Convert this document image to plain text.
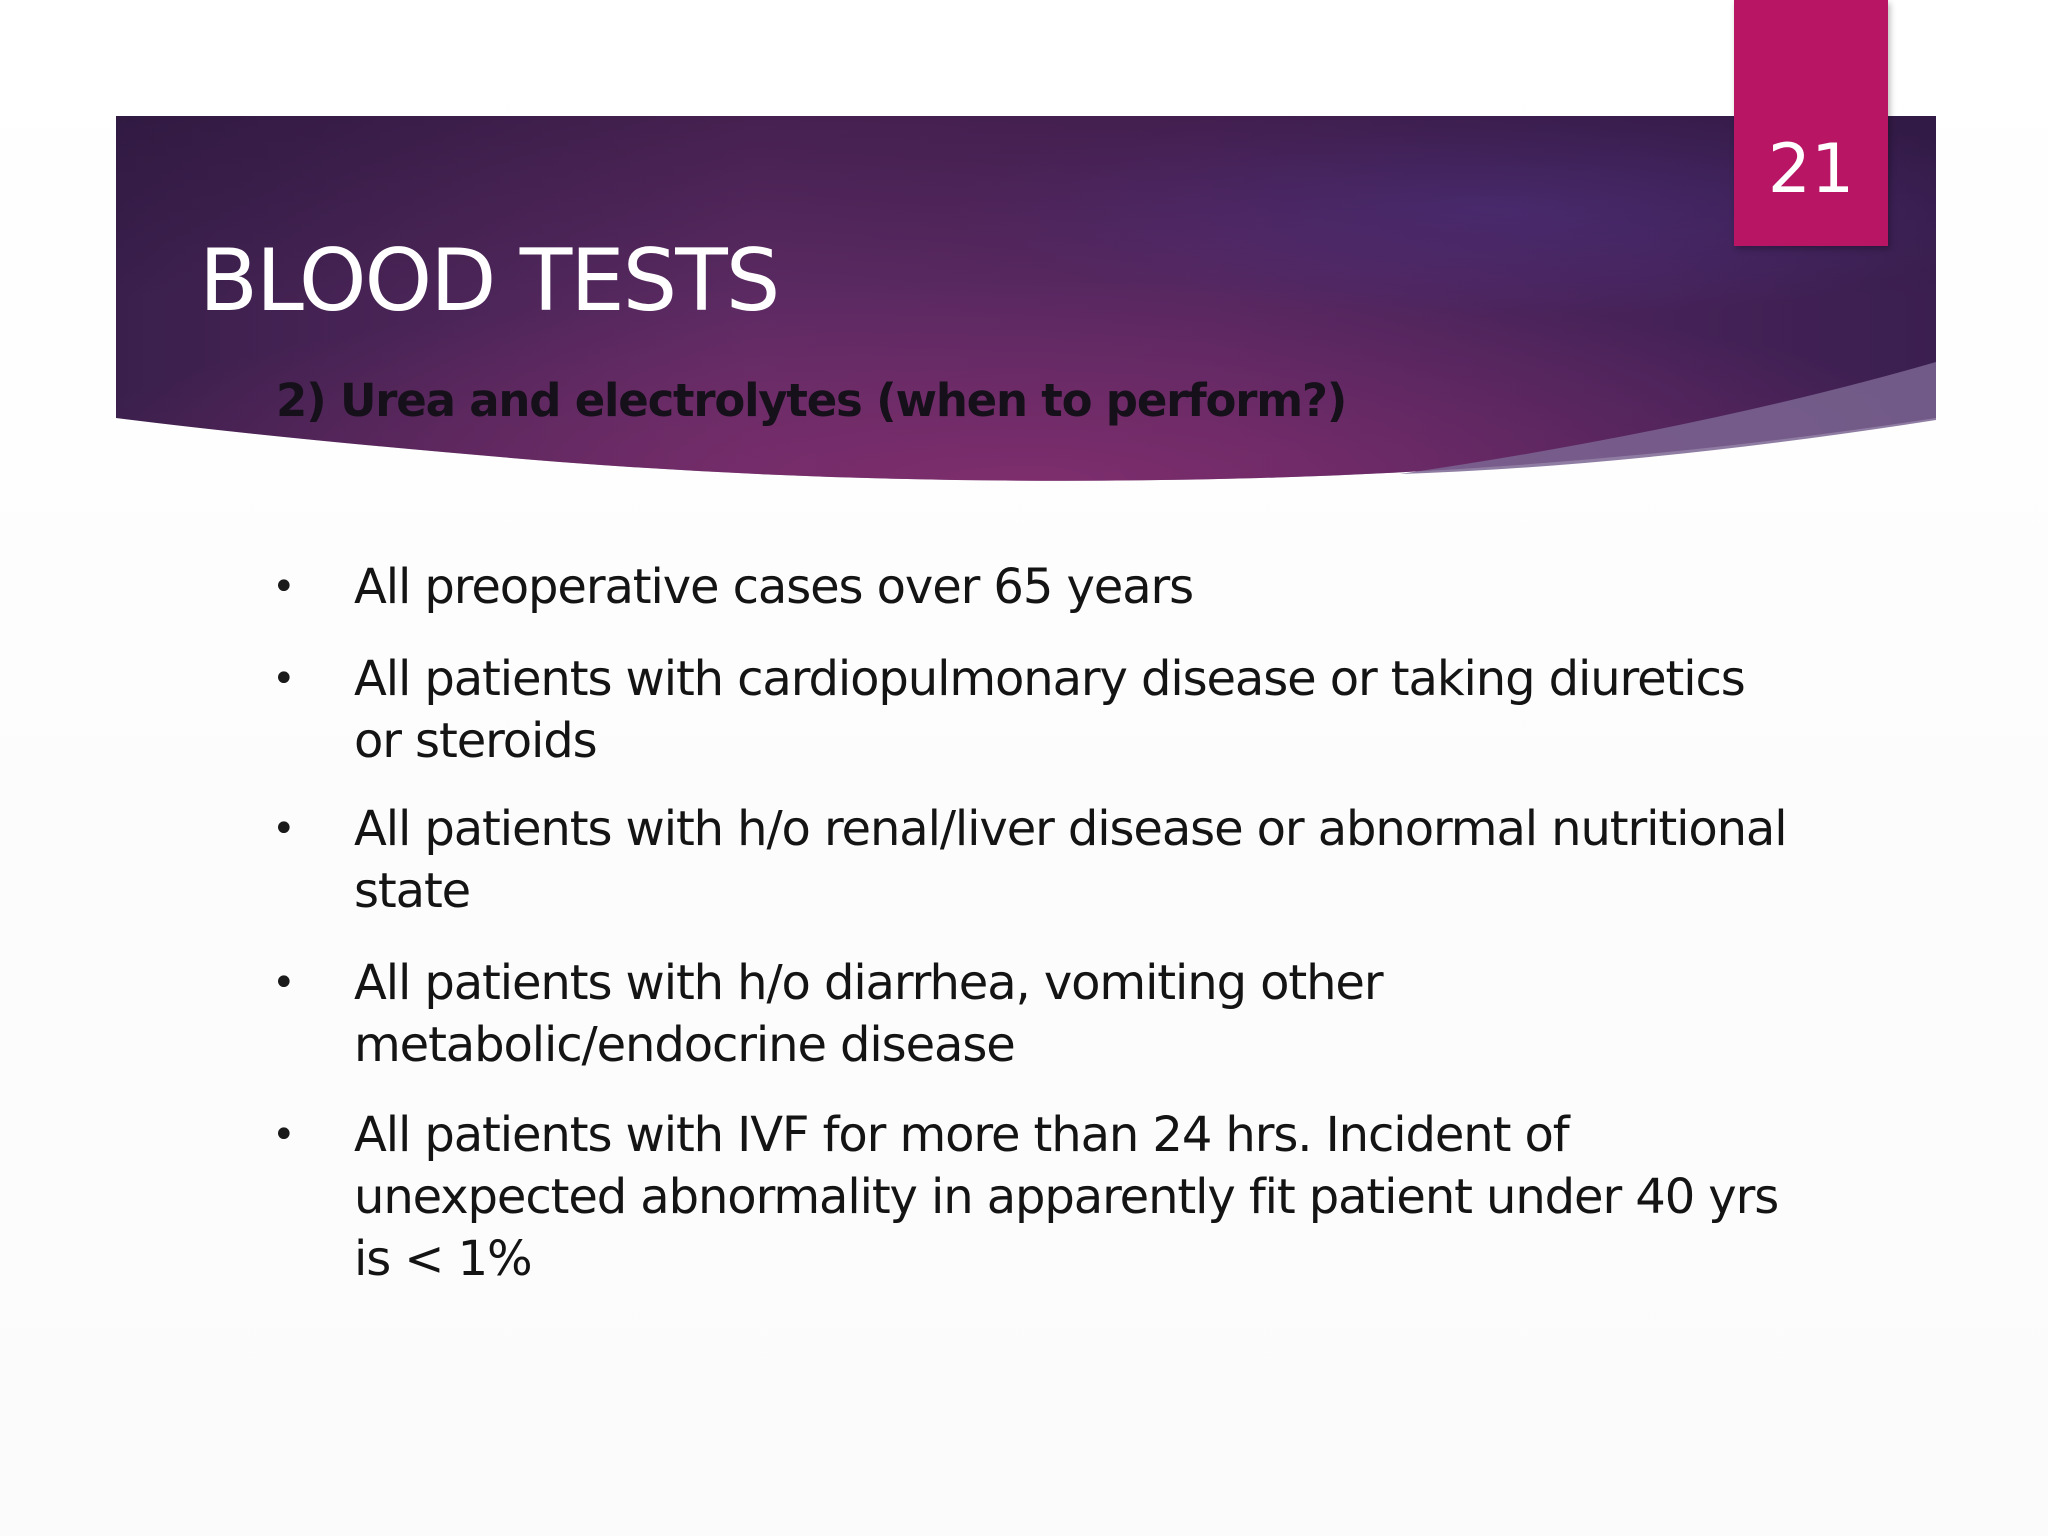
21
BLOOD TESTS
2) Urea and electrolytes (when to perform?)
• All preoperative cases over 65 years
• All patients with cardiopulmonary disease or taking diuretics or steroids
• All patients with h/o renal/liver disease or abnormal nutritional state
• All patients with h/o diarrhea, vomiting other metabolic/endocrine disease
• All patients with IVF for more than 24 hrs. Incident of unexpected abnormality in apparently fit patient under 40 yrs is < 1%
